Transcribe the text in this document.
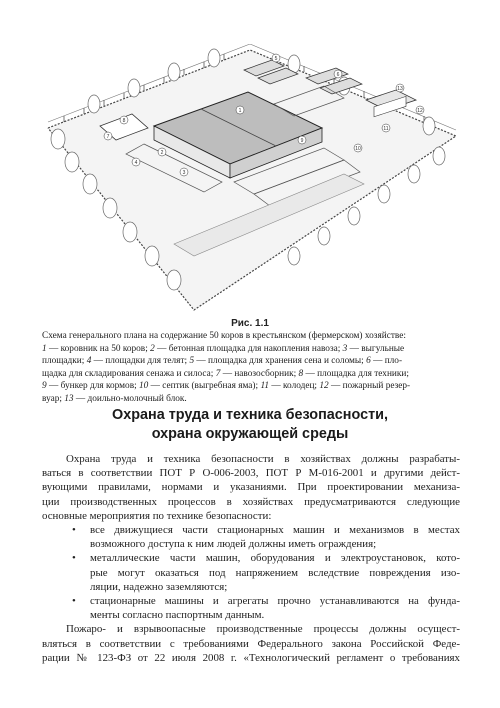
1
2
3
4
5
6
7
8
9
10
11
12
13
Рис. 1.1
Схема генерального плана на содержание 50 коров в крестьянском (фермерском) хозяйстве:
1 — коровник на 50 коров; 2 — бетонная площадка для накопления навоза; 3 — выгульные
площадки; 4 — площадки для телят; 5 — площадка для хранения сена и соломы; 6 — пло-
щадка для складирования сенажа и силоса; 7 — навозосборник; 8 — площадка для техники;
9 — бункер для кормов; 10 — септик (выгребная яма); 11 — колодец; 12 — пожарный резер-
вуар; 13 — доильно-молочный блок.
Охрана труда и техника безопасности,
охрана окружающей среды
Охрана труда и техника безопасности в хозяйствах должны разрабаты-
ваться в соответствии ПОТ Р О-006-2003, ПОТ Р М-016-2001 и другими дейст-
вующими правилами, нормами и указаниями. При проектировании механиза-
ции производственных процессов в хозяйствах предусматриваются следующие
основные мероприятия по технике безопасности:
• все движущиеся части стационарных машин и механизмов в местах
возможного доступа к ним людей должны иметь ограждения;
• металлические части машин, оборудования и электроустановок, кото-
рые могут оказаться под напряжением вследствие повреждения изо-
ляции, надежно заземляются;
• стационарные машины и агрегаты прочно устанавливаются на фунда-
менты согласно паспортным данным.
Пожаро- и взрывоопасные производственные процессы должны осущест-
вляться в соответствии с требованиями Федерального закона Российской Феде-
рации № 123-ФЗ от 22 июля 2008 г. «Технологический регламент о требованиях
